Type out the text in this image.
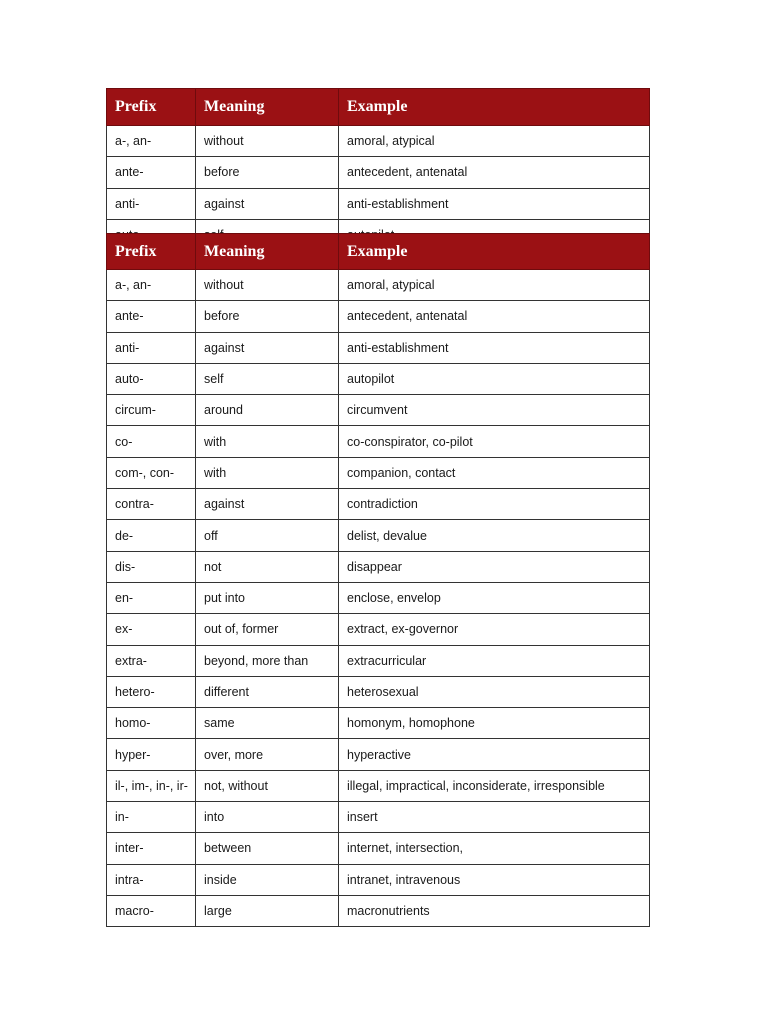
Prefix	Meaning	Example
a-, an-	without	amoral, atypical
ante-	before	antecedent, antenatal
anti-	against	anti-establishment

Prefix	Meaning	Example
a-, an-	without	amoral, atypical
ante-	before	antecedent, antenatal
anti-	against	anti-establishment
auto-	self	autopilot
circum-	around	circumvent
co-	with	co-conspirator, co-pilot
com-, con-	with	companion, contact
contra-	against	contradiction
de-	off	delist, devalue
dis-	not	disappear
en-	put into	enclose, envelop
ex-	out of, former	extract, ex-governor
extra-	beyond, more than	extracurricular
hetero-	different	heterosexual
homo-	same	homonym, homophone
hyper-	over, more	hyperactive
il-, im-, in-, ir-	not, without	illegal, impractical, inconsiderate, irresponsible
in-	into	insert
inter-	between	internet, intersection,
intra-	inside	intranet, intravenous
macro-	large	macronutrients
